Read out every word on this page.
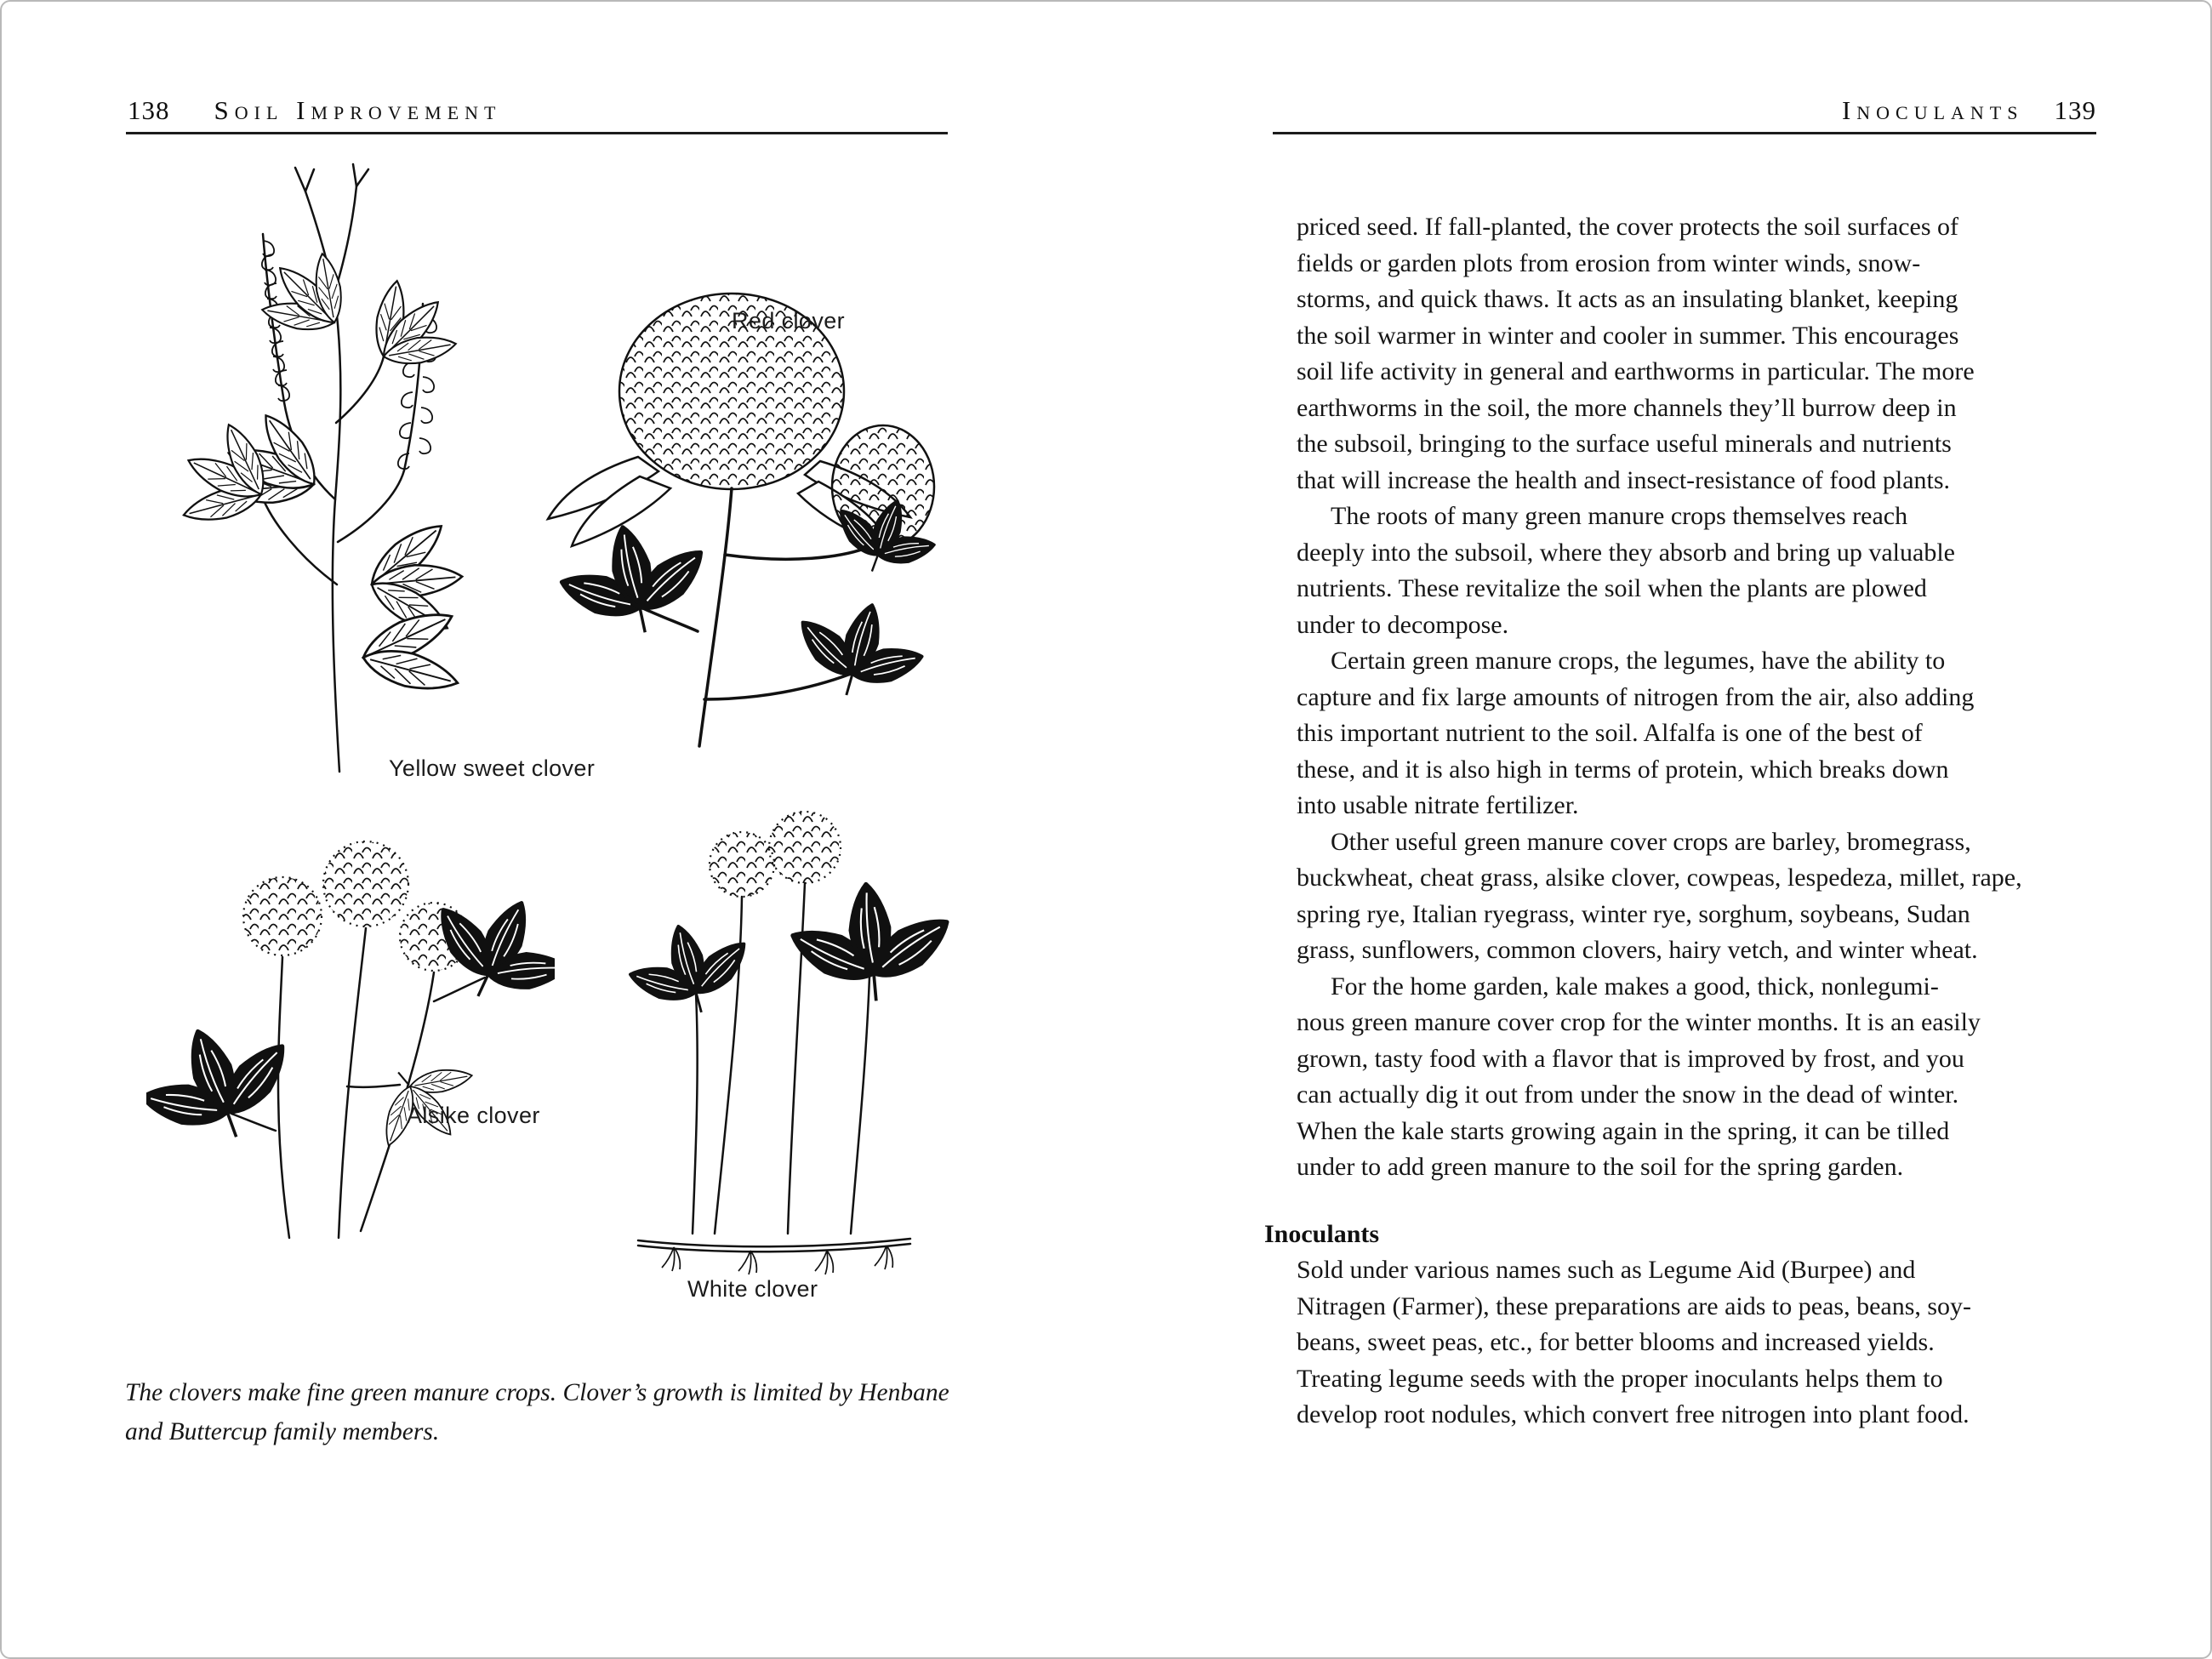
138 Soil Improvement	Inoculants 139
Red clover
Yellow sweet clover
Alsike clover
White clover
The clovers make fine green manure crops. Clover’s growth is limited by Henbane
and Buttercup family members.
priced seed. If fall-planted, the cover protects the soil surfaces of
fields or garden plots from erosion from winter winds, snow-
storms, and quick thaws. It acts as an insulating blanket, keeping
the soil warmer in winter and cooler in summer. This encourages
soil life activity in general and earthworms in particular. The more
earthworms in the soil, the more channels they’ll burrow deep in
the subsoil, bringing to the surface useful minerals and nutrients
that will increase the health and insect-resistance of food plants.
The roots of many green manure crops themselves reach
deeply into the subsoil, where they absorb and bring up valuable
nutrients. These revitalize the soil when the plants are plowed
under to decompose.
Certain green manure crops, the legumes, have the ability to
capture and fix large amounts of nitrogen from the air, also adding
this important nutrient to the soil. Alfalfa is one of the best of
these, and it is also high in terms of protein, which breaks down
into usable nitrate fertilizer.
Other useful green manure cover crops are barley, bromegrass,
buckwheat, cheat grass, alsike clover, cowpeas, lespedeza, millet, rape,
spring rye, Italian ryegrass, winter rye, sorghum, soybeans, Sudan
grass, sunflowers, common clovers, hairy vetch, and winter wheat.
For the home garden, kale makes a good, thick, nonlegumi-
nous green manure cover crop for the winter months. It is an easily
grown, tasty food with a flavor that is improved by frost, and you
can actually dig it out from under the snow in the dead of winter.
When the kale starts growing again in the spring, it can be tilled
under to add green manure to the soil for the spring garden.
Inoculants
Sold under various names such as Legume Aid (Burpee) and
Nitragen (Farmer), these preparations are aids to peas, beans, soy-
beans, sweet peas, etc., for better blooms and increased yields.
Treating legume seeds with the proper inoculants helps them to
develop root nodules, which convert free nitrogen into plant food.
